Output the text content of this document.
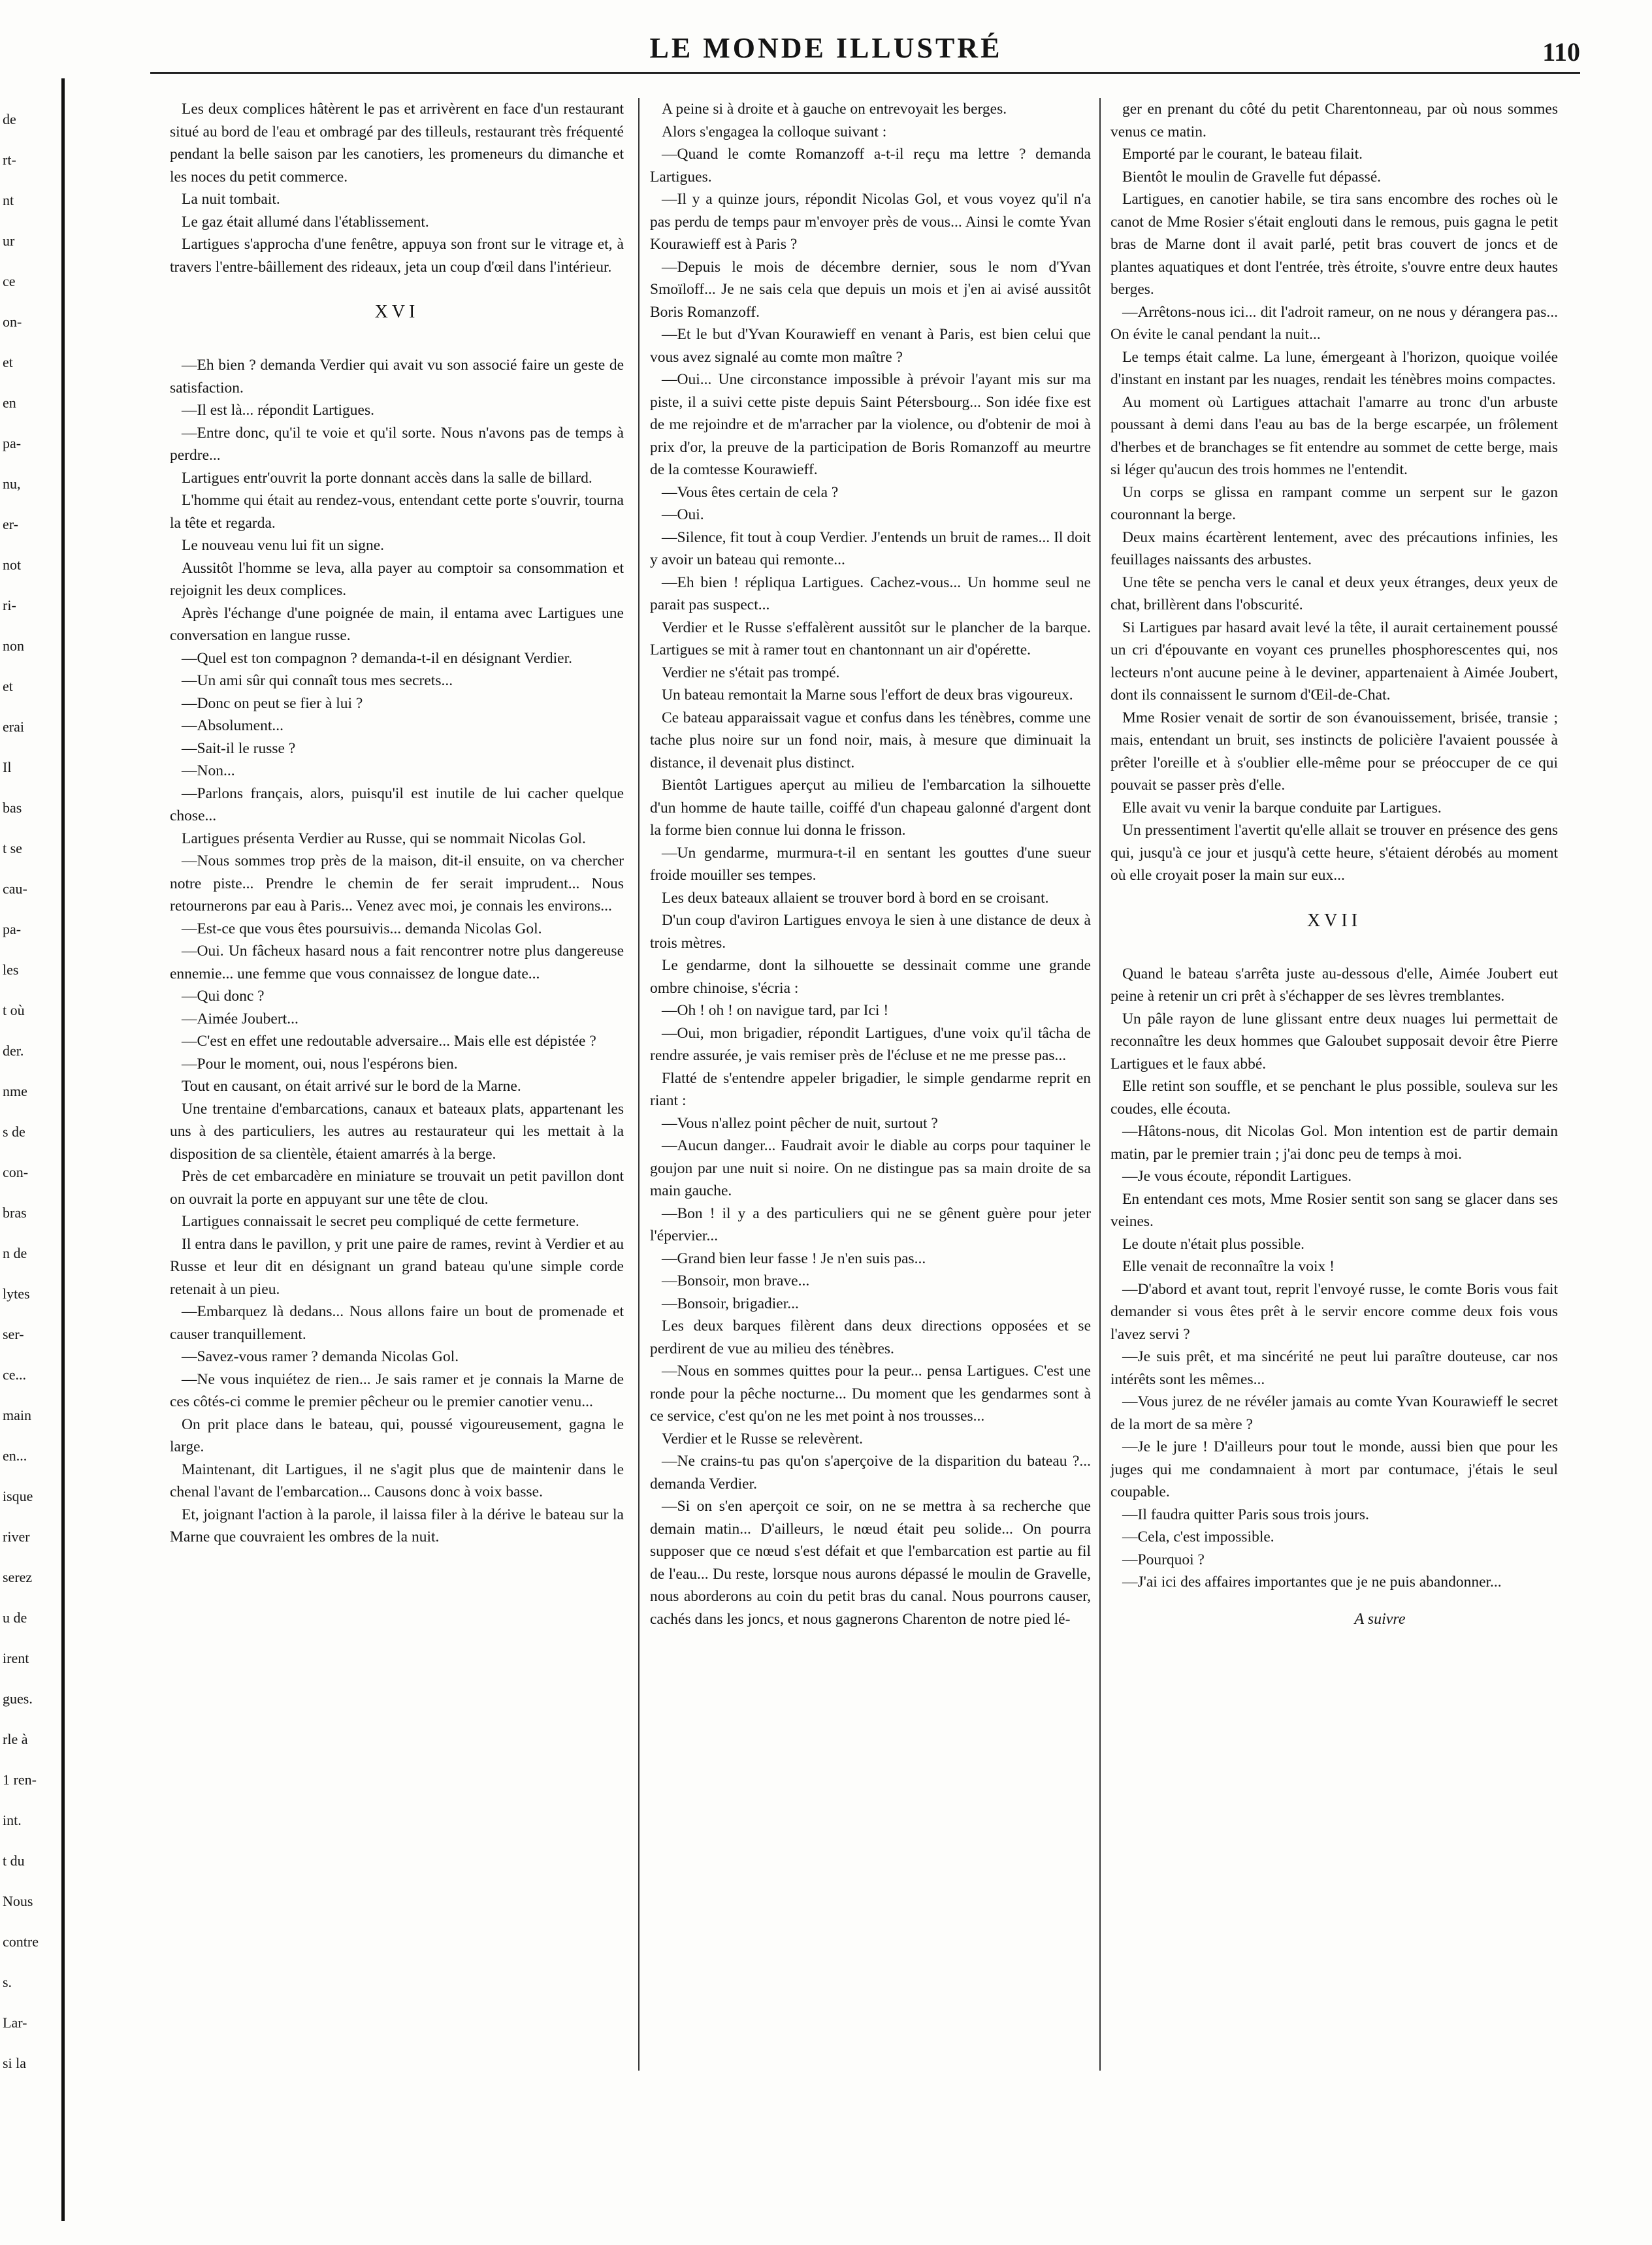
de
rt-
nt
ur
ce
on-
et
en
pa-
nu,
er-
not
ri-
non
et
erai
Il
bas
t se
cau-
pa-
les
t où
der.
nme
s de
con-
bras
n de
lytes
ser-
ce...
main
en...
isque
river
serez
u de
irent
gues.
rle à
1 ren-
int.
t du
Nous
contre
s.
Lar-
si la
LE MONDE ILLUSTRÉ	110

Les deux complices hâtèrent le pas et arrivèrent en face d'un restaurant situé au bord de l'eau et ombragé par des tilleuls, restaurant très fréquenté pendant la belle saison par les canotiers, les promeneurs du dimanche et les noces du petit commerce.

La nuit tombait.

Le gaz était allumé dans l'établissement.

Lartigues s'approcha d'une fenêtre, appuya son front sur le vitrage et, à travers l'entre-bâillement des rideaux, jeta un coup d'œil dans l'intérieur.

XVI

—Eh bien ? demanda Verdier qui avait vu son associé faire un geste de satisfaction.

—Il est là... répondit Lartigues.

—Entre donc, qu'il te voie et qu'il sorte. Nous n'avons pas de temps à perdre...

Lartigues entr'ouvrit la porte donnant accès dans la salle de billard.

L'homme qui était au rendez-vous, entendant cette porte s'ouvrir, tourna la tête et regarda.

Le nouveau venu lui fit un signe.

Aussitôt l'homme se leva, alla payer au comptoir sa consommation et rejoignit les deux complices.

Après l'échange d'une poignée de main, il entama avec Lartigues une conversation en langue russe.

—Quel est ton compagnon ? demanda-t-il en désignant Verdier.

—Un ami sûr qui connaît tous mes secrets...

—Donc on peut se fier à lui ?

—Absolument...

—Sait-il le russe ?

—Non...

—Parlons français, alors, puisqu'il est inutile de lui cacher quelque chose...

Lartigues présenta Verdier au Russe, qui se nommait Nicolas Gol.

—Nous sommes trop près de la maison, dit-il ensuite, on va chercher notre piste... Prendre le chemin de fer serait imprudent... Nous retournerons par eau à Paris... Venez avec moi, je connais les environs...

—Est-ce que vous êtes poursuivis... demanda Nicolas Gol.

—Oui. Un fâcheux hasard nous a fait rencontrer notre plus dangereuse ennemie... une femme que vous connaissez de longue date...

—Qui donc ?

—Aimée Joubert...

—C'est en effet une redoutable adversaire... Mais elle est dépistée ?

—Pour le moment, oui, nous l'espérons bien.

Tout en causant, on était arrivé sur le bord de la Marne.

Une trentaine d'embarcations, canaux et bateaux plats, appartenant les uns à des particuliers, les autres au restaurateur qui les mettait à la disposition de sa clientèle, étaient amarrés à la berge.

Près de cet embarcadère en miniature se trouvait un petit pavillon dont on ouvrait la porte en appuyant sur une tête de clou.

Lartigues connaissait le secret peu compliqué de cette fermeture.

Il entra dans le pavillon, y prit une paire de rames, revint à Verdier et au Russe et leur dit en désignant un grand bateau qu'une simple corde retenait à un pieu.

—Embarquez là dedans... Nous allons faire un bout de promenade et causer tranquillement.

—Savez-vous ramer ? demanda Nicolas Gol.

—Ne vous inquiétez de rien... Je sais ramer et je connais la Marne de ces côtés-ci comme le premier pêcheur ou le premier canotier venu...

On prit place dans le bateau, qui, poussé vigoureusement, gagna le large.

Maintenant, dit Lartigues, il ne s'agit plus que de maintenir dans le chenal l'avant de l'embarcation... Causons donc à voix basse.

Et, joignant l'action à la parole, il laissa filer à la dérive le bateau sur la Marne que couvraient les ombres de la nuit.

A peine si à droite et à gauche on entrevoyait les berges.

Alors s'engagea la colloque suivant :

—Quand le comte Romanzoff a-t-il reçu ma lettre ? demanda Lartigues.

—Il y a quinze jours, répondit Nicolas Gol, et vous voyez qu'il n'a pas perdu de temps paur m'envoyer près de vous... Ainsi le comte Yvan Kourawieff est à Paris ?

—Depuis le mois de décembre dernier, sous le nom d'Yvan Smoïloff... Je ne sais cela que depuis un mois et j'en ai avisé aussitôt Boris Romanzoff.

—Et le but d'Yvan Kourawieff en venant à Paris, est bien celui que vous avez signalé au comte mon maître ?

—Oui... Une circonstance impossible à prévoir l'ayant mis sur ma piste, il a suivi cette piste depuis Saint Pétersbourg... Son idée fixe est de me rejoindre et de m'arracher par la violence, ou d'obtenir de moi à prix d'or, la preuve de la participation de Boris Romanzoff au meurtre de la comtesse Kourawieff.

—Vous êtes certain de cela ?

—Oui.

—Silence, fit tout à coup Verdier. J'entends un bruit de rames... Il doit y avoir un bateau qui remonte...

—Eh bien ! répliqua Lartigues. Cachez-vous... Un homme seul ne parait pas suspect...

Verdier et le Russe s'effalèrent aussitôt sur le plancher de la barque. Lartigues se mit à ramer tout en chantonnant un air d'opérette.

Verdier ne s'était pas trompé.

Un bateau remontait la Marne sous l'effort de deux bras vigoureux.

Ce bateau apparaissait vague et confus dans les ténèbres, comme une tache plus noire sur un fond noir, mais, à mesure que diminuait la distance, il devenait plus distinct.

Bientôt Lartigues aperçut au milieu de l'embarcation la silhouette d'un homme de haute taille, coiffé d'un chapeau galonné d'argent dont la forme bien connue lui donna le frisson.

—Un gendarme, murmura-t-il en sentant les gouttes d'une sueur froide mouiller ses tempes.

Les deux bateaux allaient se trouver bord à bord en se croisant.

D'un coup d'aviron Lartigues envoya le sien à une distance de deux à trois mètres.

Le gendarme, dont la silhouette se dessinait comme une grande ombre chinoise, s'écria :

—Oh ! oh ! on navigue tard, par Ici !

—Oui, mon brigadier, répondit Lartigues, d'une voix qu'il tâcha de rendre assurée, je vais remiser près de l'écluse et ne me presse pas...

Flatté de s'entendre appeler brigadier, le simple gendarme reprit en riant :

—Vous n'allez point pêcher de nuit, surtout ?

—Aucun danger... Faudrait avoir le diable au corps pour taquiner le goujon par une nuit si noire. On ne distingue pas sa main droite de sa main gauche.

—Bon ! il y a des particuliers qui ne se gênent guère pour jeter l'épervier...

—Grand bien leur fasse ! Je n'en suis pas...

—Bonsoir, mon brave...

—Bonsoir, brigadier...

Les deux barques filèrent dans deux directions opposées et se perdirent de vue au milieu des ténèbres.

—Nous en sommes quittes pour la peur... pensa Lartigues. C'est une ronde pour la pêche nocturne... Du moment que les gendarmes sont à ce service, c'est qu'on ne les met point à nos trousses...

Verdier et le Russe se relevèrent.

—Ne crains-tu pas qu'on s'aperçoive de la disparition du bateau ?... demanda Verdier.

—Si on s'en aperçoit ce soir, on ne se mettra à sa recherche que demain matin... D'ailleurs, le nœud était peu solide... On pourra supposer que ce nœud s'est défait et que l'embarcation est partie au fil de l'eau... Du reste, lorsque nous aurons dépassé le moulin de Gravelle, nous aborderons au coin du petit bras du canal. Nous pourrons causer, cachés dans les joncs, et nous gagnerons Charenton de notre pied lé-

ger en prenant du côté du petit Charentonneau, par où nous sommes venus ce matin.

Emporté par le courant, le bateau filait.

Bientôt le moulin de Gravelle fut dépassé.

Lartigues, en canotier habile, se tira sans encombre des roches où le canot de Mme Rosier s'était englouti dans le remous, puis gagna le petit bras de Marne dont il avait parlé, petit bras couvert de joncs et de plantes aquatiques et dont l'entrée, très étroite, s'ouvre entre deux hautes berges.

—Arrêtons-nous ici... dit l'adroit rameur, on ne nous y dérangera pas... On évite le canal pendant la nuit...

Le temps était calme. La lune, émergeant à l'horizon, quoique voilée d'instant en instant par les nuages, rendait les ténèbres moins compactes.

Au moment où Lartigues attachait l'amarre au tronc d'un arbuste poussant à demi dans l'eau au bas de la berge escarpée, un frôlement d'herbes et de branchages se fit entendre au sommet de cette berge, mais si léger qu'aucun des trois hommes ne l'entendit.

Un corps se glissa en rampant comme un serpent sur le gazon couronnant la berge.

Deux mains écartèrent lentement, avec des précautions infinies, les feuillages naissants des arbustes.

Une tête se pencha vers le canal et deux yeux étranges, deux yeux de chat, brillèrent dans l'obscurité.

Si Lartigues par hasard avait levé la tête, il aurait certainement poussé un cri d'épouvante en voyant ces prunelles phosphorescentes qui, nos lecteurs n'ont aucune peine à le deviner, appartenaient à Aimée Joubert, dont ils connaissent le surnom d'Œil-de-Chat.

Mme Rosier venait de sortir de son évanouissement, brisée, transie ; mais, entendant un bruit, ses instincts de policière l'avaient poussée à prêter l'oreille et à s'oublier elle-même pour se préoccuper de ce qui pouvait se passer près d'elle.

Elle avait vu venir la barque conduite par Lartigues.

Un pressentiment l'avertit qu'elle allait se trouver en présence des gens qui, jusqu'à ce jour et jusqu'à cette heure, s'étaient dérobés au moment où elle croyait poser la main sur eux...

XVII

Quand le bateau s'arrêta juste au-dessous d'elle, Aimée Joubert eut peine à retenir un cri prêt à s'échapper de ses lèvres tremblantes.

Un pâle rayon de lune glissant entre deux nuages lui permettait de reconnaître les deux hommes que Galoubet supposait devoir être Pierre Lartigues et le faux abbé.

Elle retint son souffle, et se penchant le plus possible, souleva sur les coudes, elle écouta.

—Hâtons-nous, dit Nicolas Gol. Mon intention est de partir demain matin, par le premier train ; j'ai donc peu de temps à moi.

—Je vous écoute, répondit Lartigues.

En entendant ces mots, Mme Rosier sentit son sang se glacer dans ses veines.

Le doute n'était plus possible.

Elle venait de reconnaître la voix !

—D'abord et avant tout, reprit l'envoyé russe, le comte Boris vous fait demander si vous êtes prêt à le servir encore comme deux fois vous l'avez servi ?

—Je suis prêt, et ma sincérité ne peut lui paraître douteuse, car nos intérêts sont les mêmes...

—Vous jurez de ne révéler jamais au comte Yvan Kourawieff le secret de la mort de sa mère ?

—Je le jure ! D'ailleurs pour tout le monde, aussi bien que pour les juges qui me condamnaient à mort par contumace, j'étais le seul coupable.

—Il faudra quitter Paris sous trois jours.

—Cela, c'est impossible.

—Pourquoi ?

—J'ai ici des affaires importantes que je ne puis abandonner...

A suivre
